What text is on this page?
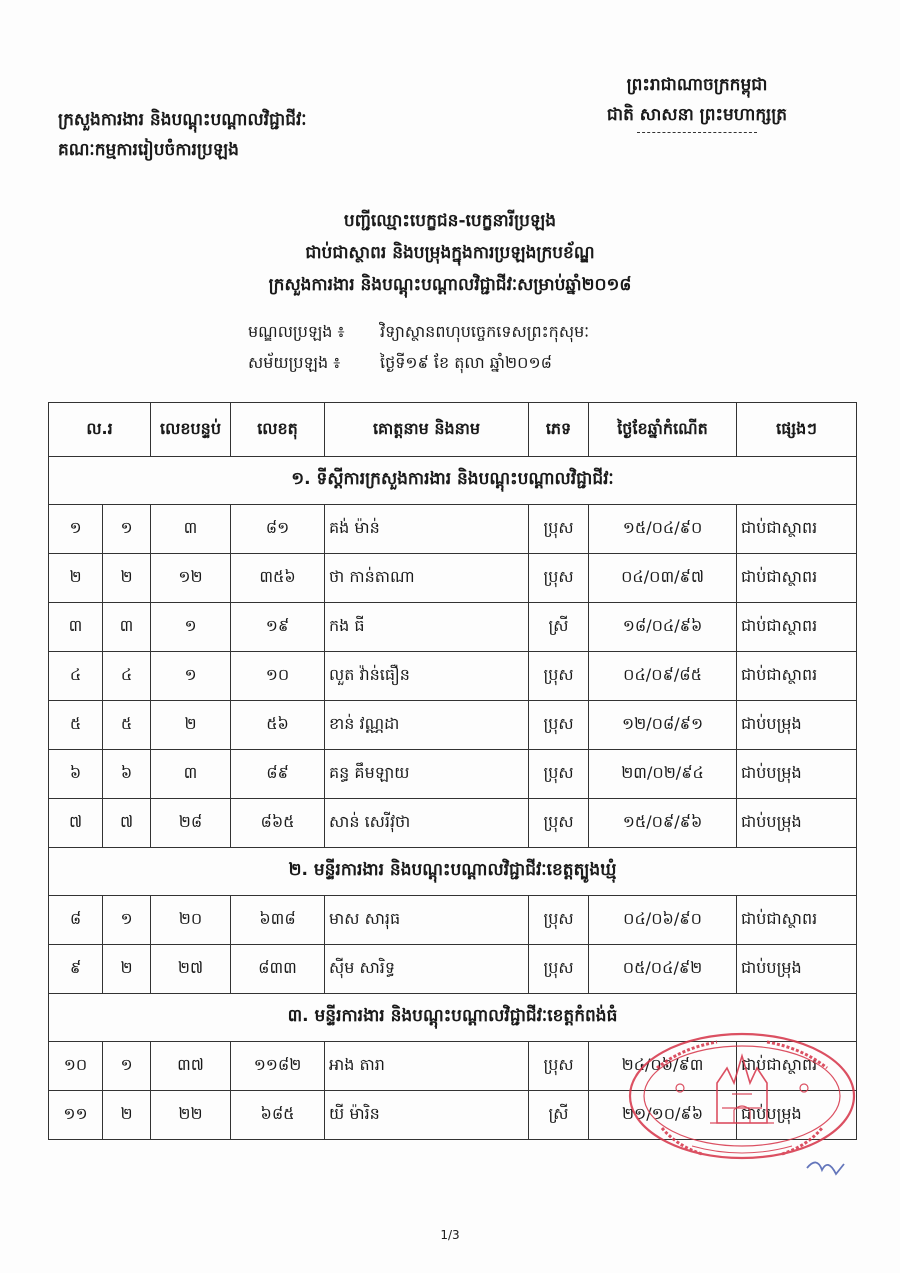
ព្រះរាជាណាចក្រកម្ពុជា
ជាតិ សាសនា ព្រះមហាក្សត្រ
ក្រសួងការងារ និងបណ្តុះបណ្តាលវិជ្ជាជីវៈ
គណៈកម្មការរៀបចំការប្រឡង
បញ្ជីឈ្មោះបេក្ខជន-បេក្ខនារីប្រឡង
ជាប់ជាស្ថាពរ និងបម្រុងក្នុងការប្រឡងក្របខ័ណ្ឌ
ក្រសួងការងារ និងបណ្តុះបណ្តាលវិជ្ជាជីវៈសម្រាប់ឆ្នាំ២០១៨
មណ្ឌលប្រឡង ៖ វិទ្យាស្ថានពហុបច្ចេកទេសព្រះកុសុមៈ
សម័យប្រឡង ៖ ថ្ងៃទី១៩ ខែ តុលា ឆ្នាំ២០១៨
ល.រ		លេខបន្ទប់	លេខតុ	គោត្តនាម និងនាម	ភេទ	ថ្ងៃខែឆ្នាំកំណើត	ផ្សេងៗ
១. ទីស្តីការក្រសួងការងារ និងបណ្តុះបណ្តាលវិជ្ជាជីវៈ							
១	១	៣	៨១	គង់ ម៉ាន់	ប្រុស	១៥/០៤/៩០	ជាប់ជាស្ថាពរ
២	២	១២	៣៥៦	ថា កាន់តាណា	ប្រុស	០៤/០៣/៩៧	ជាប់ជាស្ថាពរ
៣	៣	១	១៩	កង ធី	ស្រី	១៨/០៤/៩៦	ជាប់ជាស្ថាពរ
៤	៤	១	១០	លួត វ៉ាន់ធឿន	ប្រុស	០៤/០៩/៨៥	ជាប់ជាស្ថាពរ
៥	៥	២	៥៦	ខាន់ វណ្ណដា	ប្រុស	១២/០៨/៩១	ជាប់បម្រុង
៦	៦	៣	៨៩	គន្ធ គឹមឡាយ	ប្រុស	២៣/០២/៩៤	ជាប់បម្រុង
៧	៧	២៨	៨៦៥	សាន់ សេរីវុថា	ប្រុស	១៥/០៩/៩៦	ជាប់បម្រុង
២. មន្ទីរការងារ និងបណ្តុះបណ្តាលវិជ្ជាជីវៈខេត្តត្បូងឃ្មុំ							
៨	១	២០	៦៣៨	មាស សារុធ	ប្រុស	០៤/០៦/៩០	ជាប់ជាស្ថាពរ
៩	២	២៧	៨៣៣	ស៊ីម សារិទ្ធ	ប្រុស	០៥/០៤/៩២	ជាប់បម្រុង
៣. មន្ទីរការងារ និងបណ្តុះបណ្តាលវិជ្ជាជីវៈខេត្តកំពង់ធំ							
១០	១	៣៧	១១៨២	អាង តារា	ប្រុស	២៤/០៦/៩៣	ជាប់ជាស្ថាពរ
១១	២	២២	៦៨៥	យី ម៉ារិន	ស្រី	២១/១០/៩៦	ជាប់បម្រុង
1/3
